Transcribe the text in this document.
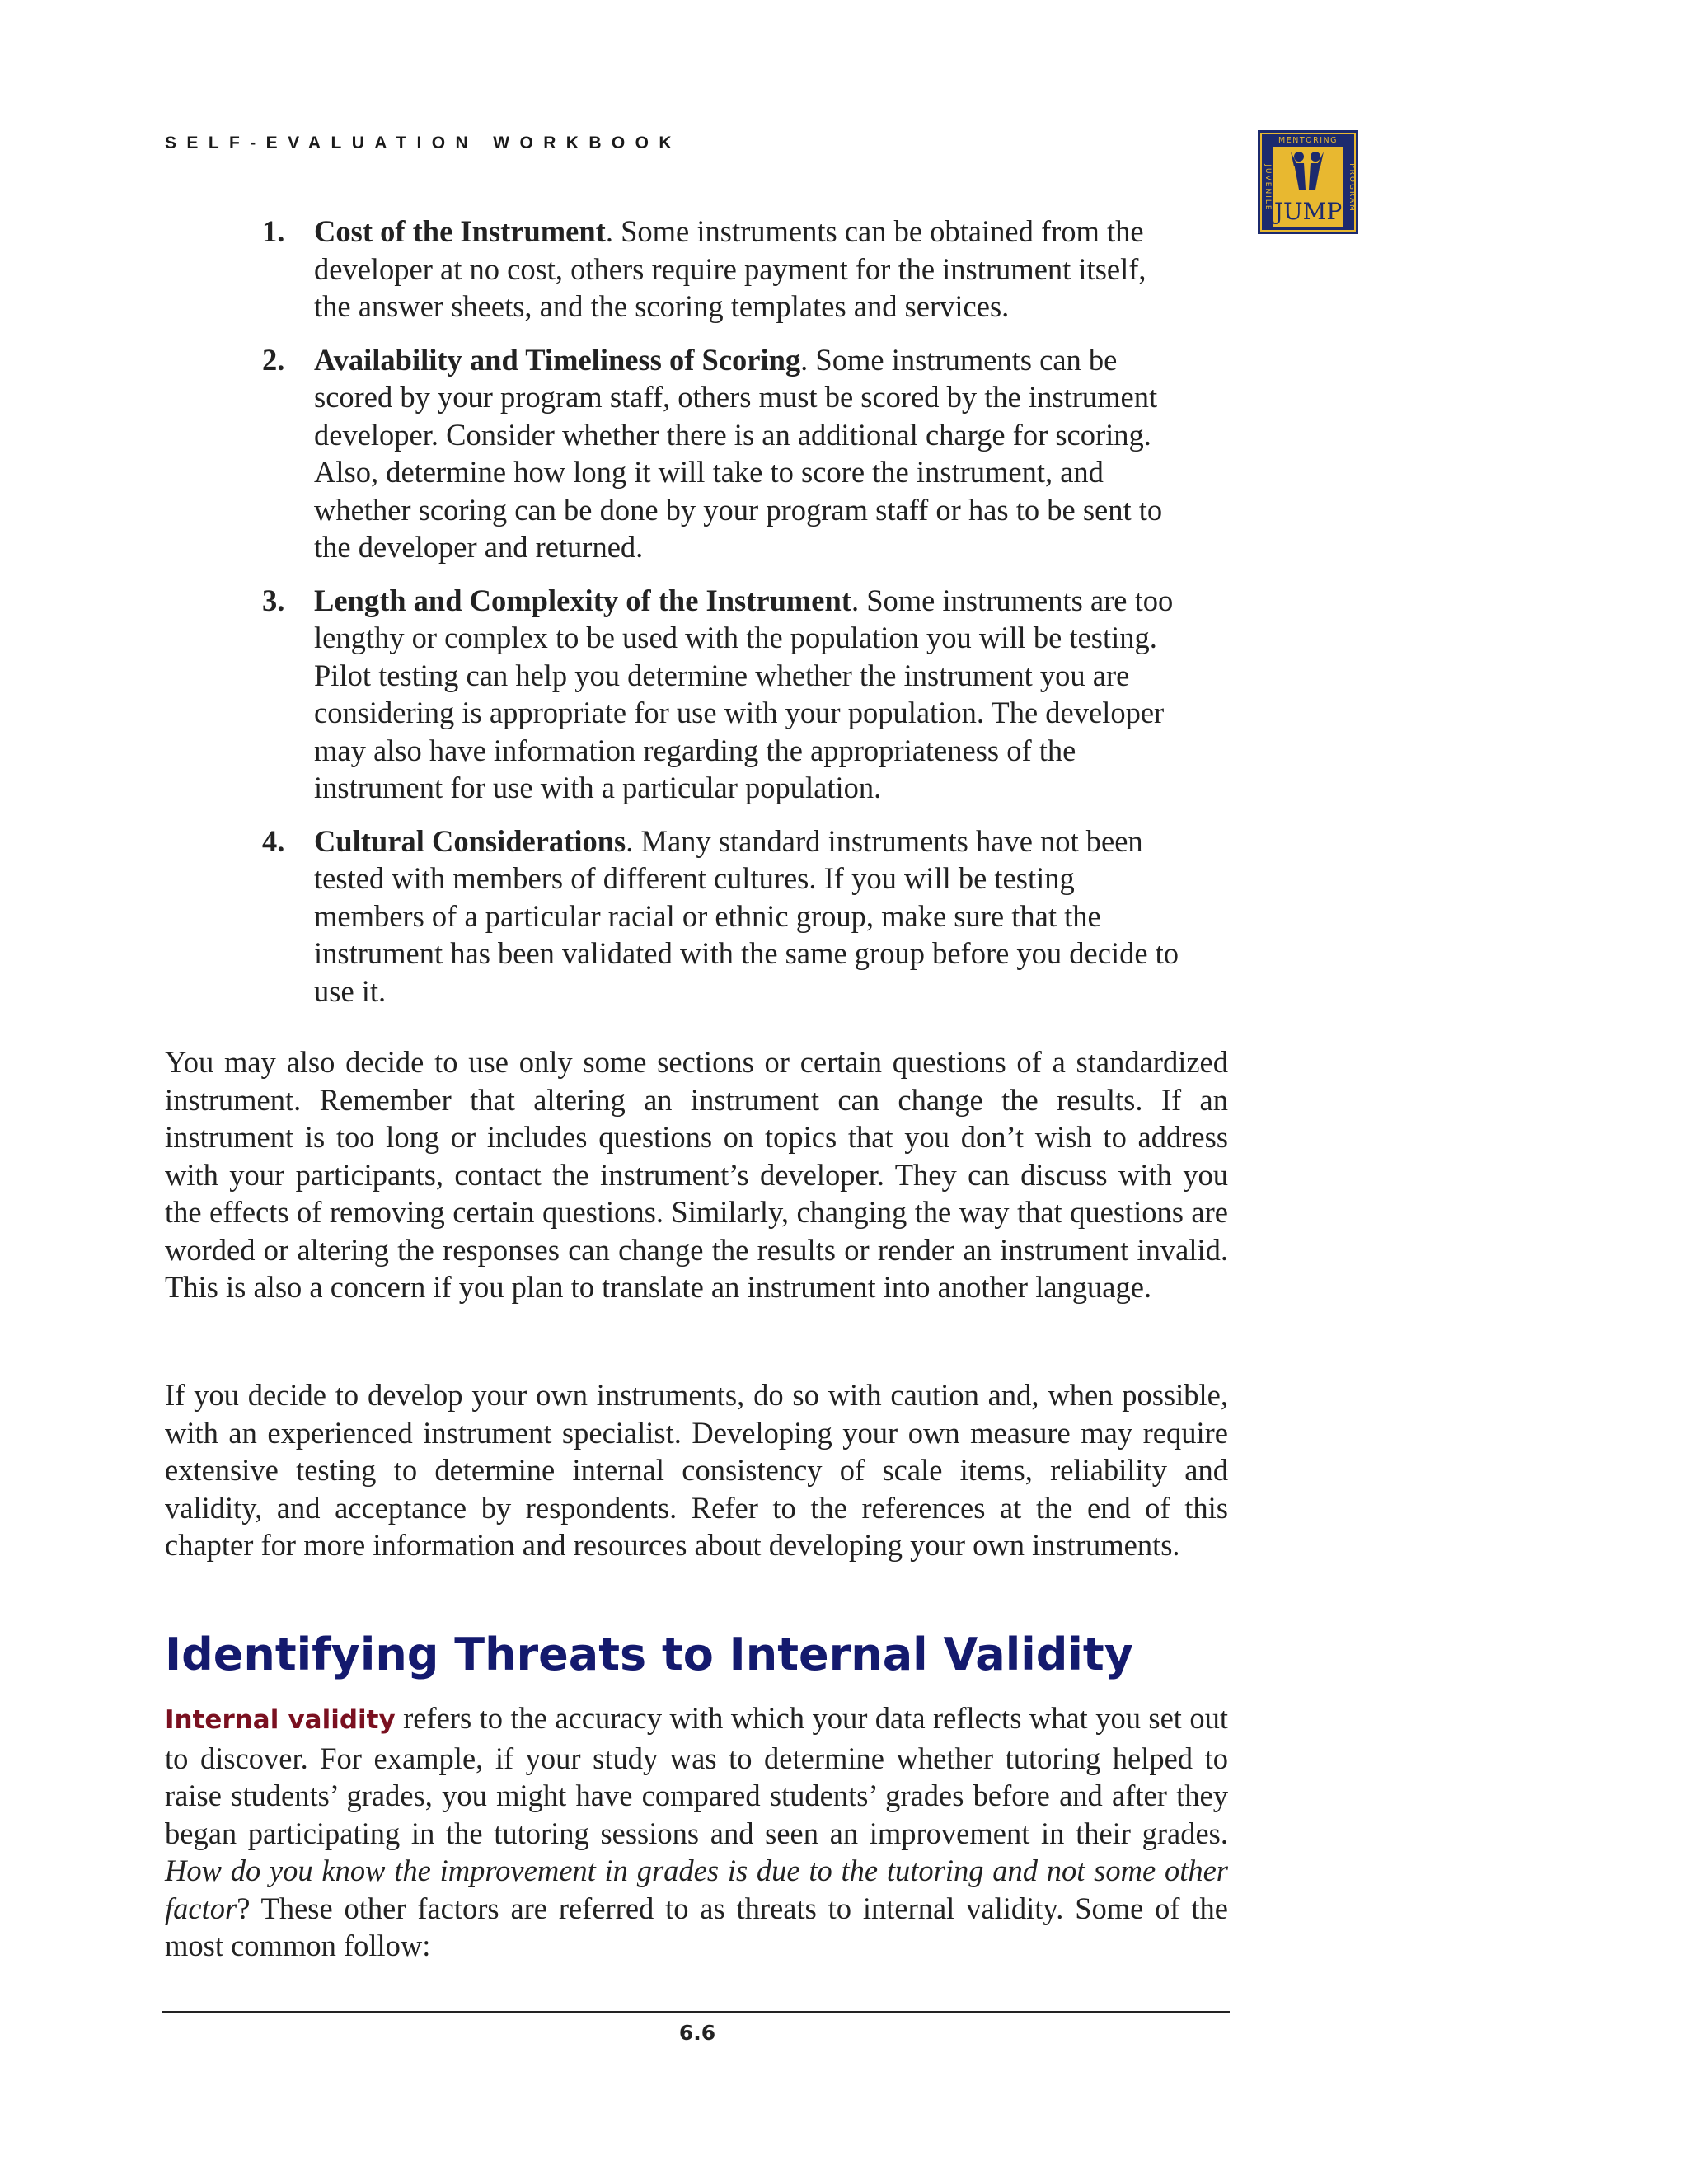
SELF-EVALUATION WORKBOOK	MENTORING
JUVENILE	PROGRAM
JUMP
1. Cost of the Instrument. Some instruments can be obtained from the developer at no cost, others require payment for the instrument itself, the answer sheets, and the scoring templates and services.
2. Availability and Timeliness of Scoring. Some instruments can be scored by your program staff, others must be scored by the instrument developer. Consider whether there is an additional charge for scoring. Also, determine how long it will take to score the instrument, and whether scoring can be done by your program staff or has to be sent to the developer and returned.
3. Length and Complexity of the Instrument. Some instruments are too lengthy or complex to be used with the population you will be testing. Pilot testing can help you determine whether the instrument you are considering is appropriate for use with your population. The developer may also have information regarding the appropriateness of the instrument for use with a particular population.
4. Cultural Considerations. Many standard instruments have not been tested with members of different cultures. If you will be testing members of a particular racial or ethnic group, make sure that the instrument has been validated with the same group before you decide to use it.

You may also decide to use only some sections or certain questions of a standardized instrument. Remember that altering an instrument can change the results. If an instrument is too long or includes questions on topics that you don’t wish to address with your participants, contact the instrument’s developer. They can discuss with you the effects of removing certain questions. Similarly, changing the way that questions are worded or altering the responses can change the results or render an instrument invalid. This is also a concern if you plan to translate an instrument into another language.

If you decide to develop your own instruments, do so with caution and, when possible, with an experienced instrument specialist. Developing your own measure may require extensive testing to determine internal consistency of scale items, reliability and validity, and acceptance by respondents. Refer to the references at the end of this chapter for more information and resources about developing your own instruments.

Identifying Threats to Internal Validity

Internal validity refers to the accuracy with which your data reflects what you set out to discover. For example, if your study was to determine whether tutoring helped to raise students’ grades, you might have compared students’ grades before and after they began participating in the tutoring sessions and seen an improvement in their grades. How do you know the improvement in grades is due to the tutoring and not some other factor? These other factors are referred to as threats to internal validity. Some of the most common follow:

6.6
